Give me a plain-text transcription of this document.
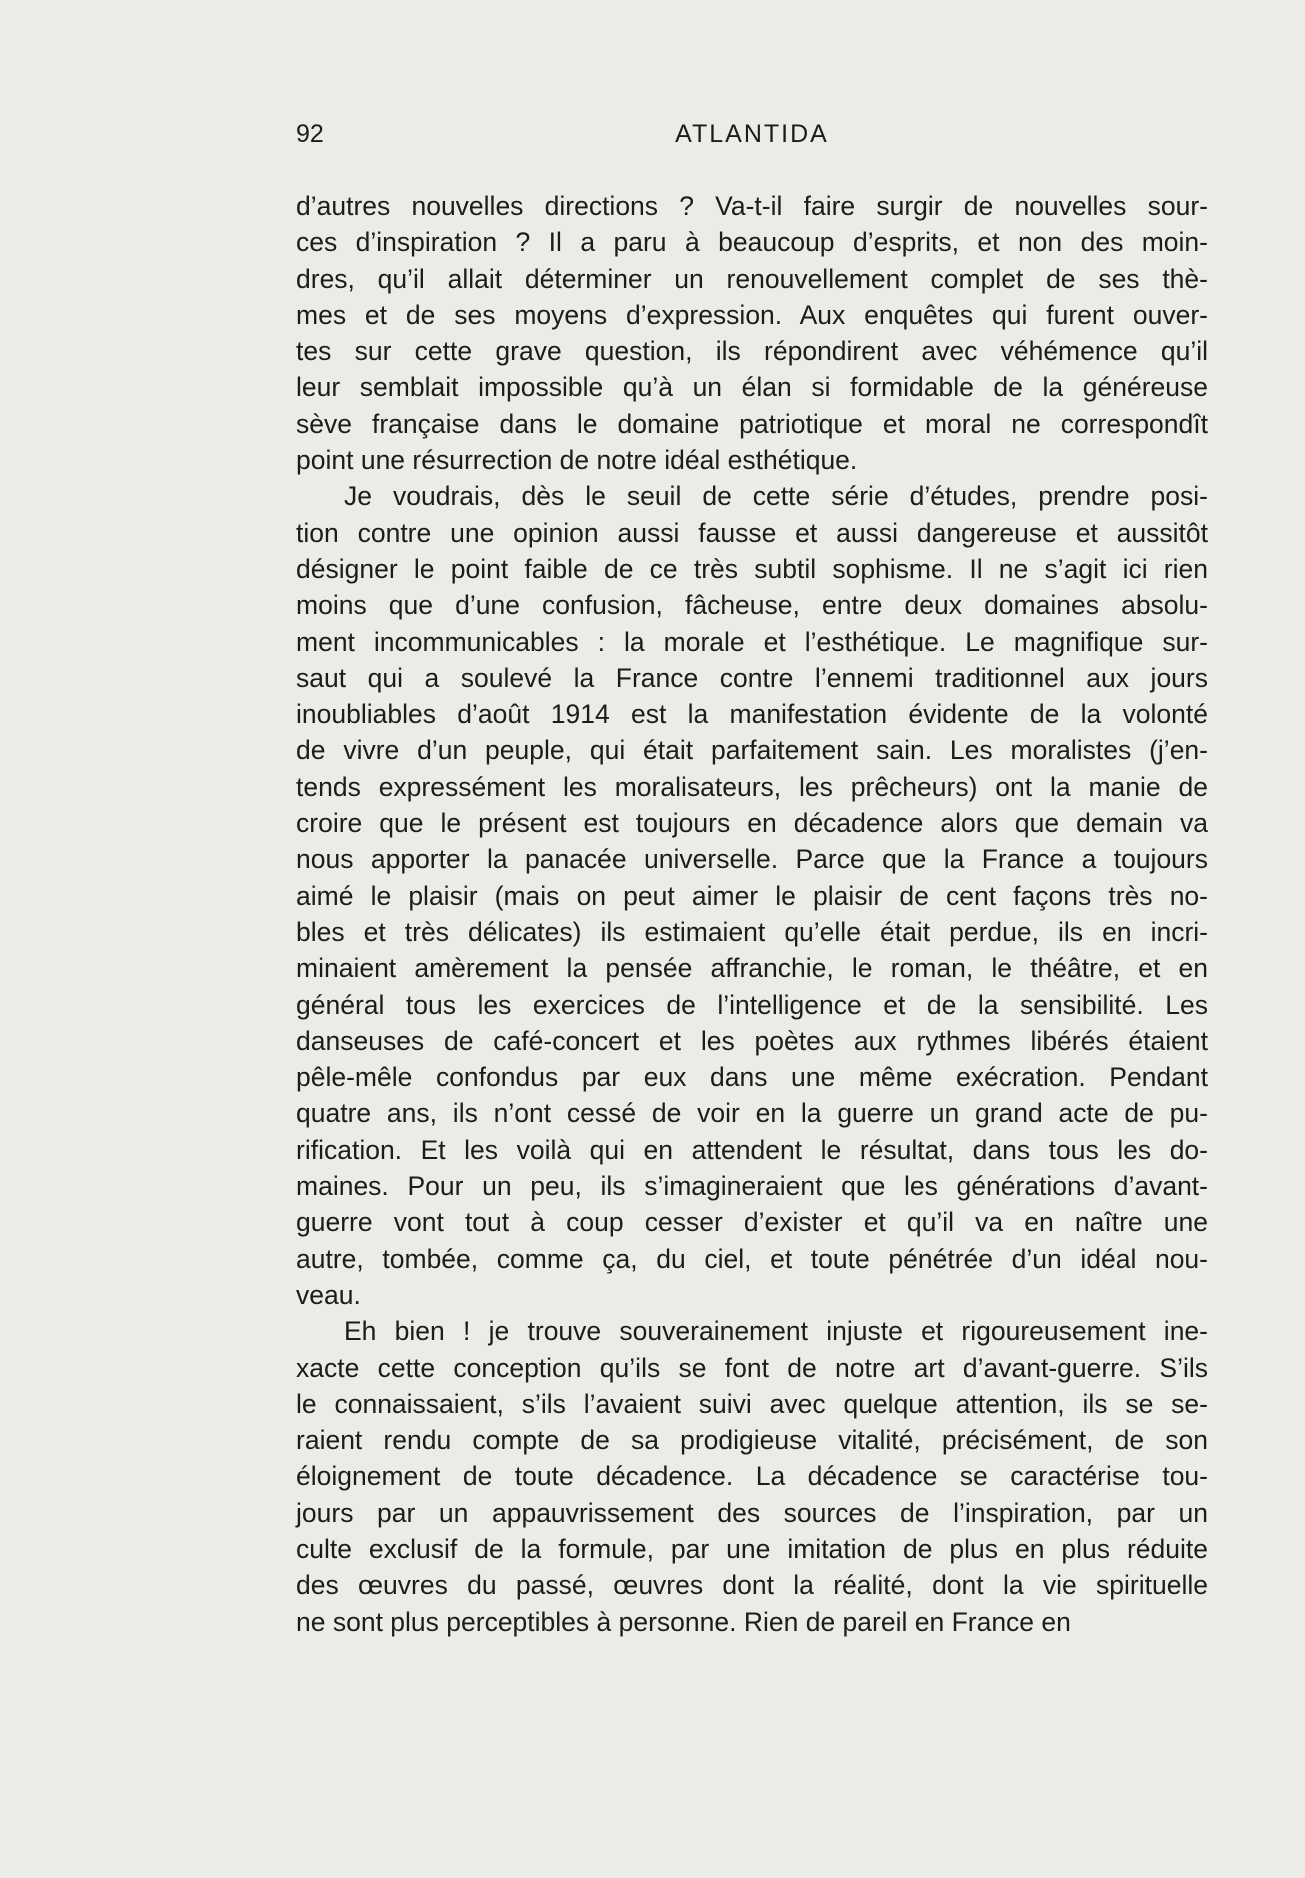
92	ATLANTIDA
d’autres nouvelles directions ? Va-t-il faire surgir de nouvelles sour-
ces d’inspiration ? Il a paru à beaucoup d’esprits, et non des moin-
dres, qu’il allait déterminer un renouvellement complet de ses thè-
mes et de ses moyens d’expression. Aux enquêtes qui furent ouver-
tes sur cette grave question, ils répondirent avec véhémence qu’il
leur semblait impossible qu’à un élan si formidable de la généreuse
sève française dans le domaine patriotique et moral ne correspondît
point une résurrection de notre idéal esthétique.
Je voudrais, dès le seuil de cette série d’études, prendre posi-
tion contre une opinion aussi fausse et aussi dangereuse et aussitôt
désigner le point faible de ce très subtil sophisme. Il ne s’agit ici rien
moins que d’une confusion, fâcheuse, entre deux domaines absolu-
ment incommunicables : la morale et l’esthétique. Le magnifique sur-
saut qui a soulevé la France contre l’ennemi traditionnel aux jours
inoubliables d’août 1914 est la manifestation évidente de la volonté
de vivre d’un peuple, qui était parfaitement sain. Les moralistes (j’en-
tends expressément les moralisateurs, les prêcheurs) ont la manie de
croire que le présent est toujours en décadence alors que demain va
nous apporter la panacée universelle. Parce que la France a toujours
aimé le plaisir (mais on peut aimer le plaisir de cent façons très no-
bles et très délicates) ils estimaient qu’elle était perdue, ils en incri-
minaient amèrement la pensée affranchie, le roman, le théâtre, et en
général tous les exercices de l’intelligence et de la sensibilité. Les
danseuses de café-concert et les poètes aux rythmes libérés étaient
pêle-mêle confondus par eux dans une même exécration. Pendant
quatre ans, ils n’ont cessé de voir en la guerre un grand acte de pu-
rification. Et les voilà qui en attendent le résultat, dans tous les do-
maines. Pour un peu, ils s’imagineraient que les générations d’avant-
guerre vont tout à coup cesser d’exister et qu’il va en naître une
autre, tombée, comme ça, du ciel, et toute pénétrée d’un idéal nou-
veau.
Eh bien ! je trouve souverainement injuste et rigoureusement ine-
xacte cette conception qu’ils se font de notre art d’avant-guerre. S’ils
le connaissaient, s’ils l’avaient suivi avec quelque attention, ils se se-
raient rendu compte de sa prodigieuse vitalité, précisément, de son
éloignement de toute décadence. La décadence se caractérise tou-
jours par un appauvrissement des sources de l’inspiration, par un
culte exclusif de la formule, par une imitation de plus en plus réduite
des œuvres du passé, œuvres dont la réalité, dont la vie spirituelle
ne sont plus perceptibles à personne. Rien de pareil en France en
